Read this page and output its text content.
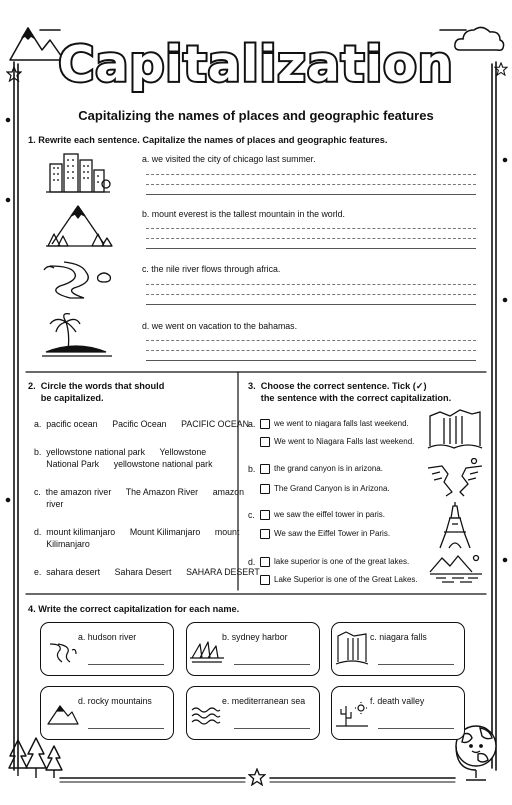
Capitalization
Capitalizing the names of places and geographic features
1. Rewrite each sentence. Capitalize the names of places and geographic features.
a. we visited the city of chicago last summer.
b. mount everest is the tallest mountain in the world.
c. the nile river flows through africa.
d. we went on vacation to the bahamas.
2.  Circle the words that should
be capitalized.
a.  pacific ocean      Pacific Ocean      PACIFIC OCEAN
b.  yellowstone national park      Yellowstone
National Park      yellowstone national park
c.  the amazon river      The Amazon River      amazon
river
d.  mount kilimanjaro      Mount Kilimanjaro      mount
Kilimanjaro
e.  sahara desert      Sahara Desert      SAHARA DESERT
3.  Choose the correct sentence. Tick (✓)
the sentence with the correct capitalization.
a. we went to niagara falls last weekend.
We went to Niagara Falls last weekend.
b. the grand canyon is in arizona.
The Grand Canyon is in Arizona.
c. we saw the eiffel tower in paris.
We saw the Eiffel Tower in Paris.
d. lake superior is one of the great lakes.
Lake Superior is one of the Great Lakes.
4. Write the correct capitalization for each name.
a. hudson river	b. sydney harbor	c. niagara falls
d. rocky mountains	e. mediterranean sea	f. death valley
